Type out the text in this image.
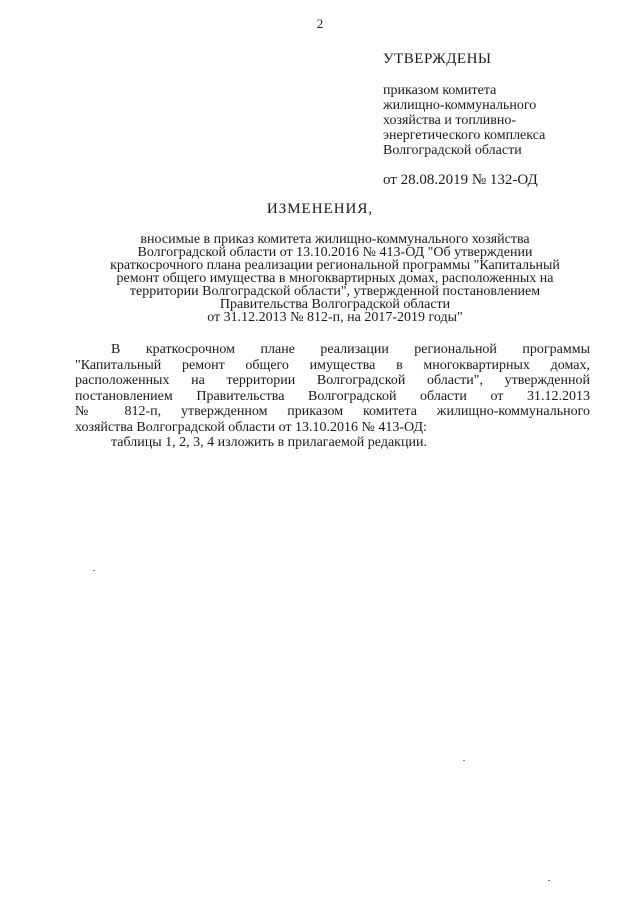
2
УТВЕРЖДЕНЫ
приказом комитета
жилищно-коммунального
хозяйства и топливно-
энергетического комплекса
Волгоградской области
от 28.08.2019 № 132-ОД
ИЗМЕНЕНИЯ,
вносимые в приказ комитета жилищно-коммунального хозяйства
Волгоградской области от 13.10.2016 № 413-ОД "Об утверждении
краткосрочного плана реализации региональной программы "Капитальный
ремонт общего имущества в многоквартирных домах, расположенных на
территории Волгоградской области", утвержденной постановлением
Правительства Волгоградской области
от 31.12.2013 № 812-п, на 2017-2019 годы"
В краткосрочном плане реализации региональной программы
"Капитальный ремонт общего имущества в многоквартирных домах,
расположенных на территории Волгоградской области", утвержденной
постановлением Правительства Волгоградской области от 31.12.2013
№ 812-п, утвержденном приказом комитета жилищно-коммунального
хозяйства Волгоградской области от 13.10.2016 № 413-ОД:
таблицы 1, 2, 3, 4 изложить в прилагаемой редакции.
